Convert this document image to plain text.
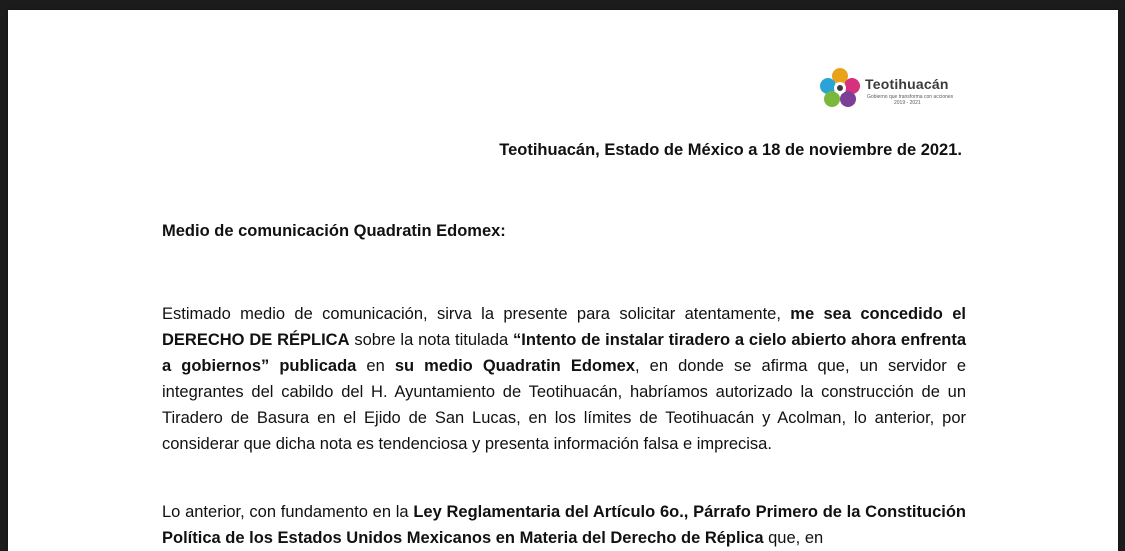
Teotihuacán
Gobierno que transforma con acciones
2019 - 2021
Teotihuacán, Estado de México a 18 de noviembre de 2021.
Medio de comunicación Quadratin Edomex:

Estimado medio de comunicación, sirva la presente para solicitar atentamente, me sea concedido el DERECHO DE RÉPLICA sobre la nota titulada “Intento de instalar tiradero a cielo abierto ahora enfrenta a gobiernos” publicada en su medio Quadratin Edomex, en donde se afirma que, un servidor e integrantes del cabildo del H. Ayuntamiento de Teotihuacán, habríamos autorizado la construcción de un Tiradero de Basura en el Ejido de San Lucas, en los límites de Teotihuacán y Acolman, lo anterior, por considerar que dicha nota es tendenciosa y presenta información falsa e imprecisa.

Lo anterior, con fundamento en la Ley Reglamentaria del Artículo 6o., Párrafo Primero de la Constitución Política de los Estados Unidos Mexicanos en Materia del Derecho de Réplica que, en
